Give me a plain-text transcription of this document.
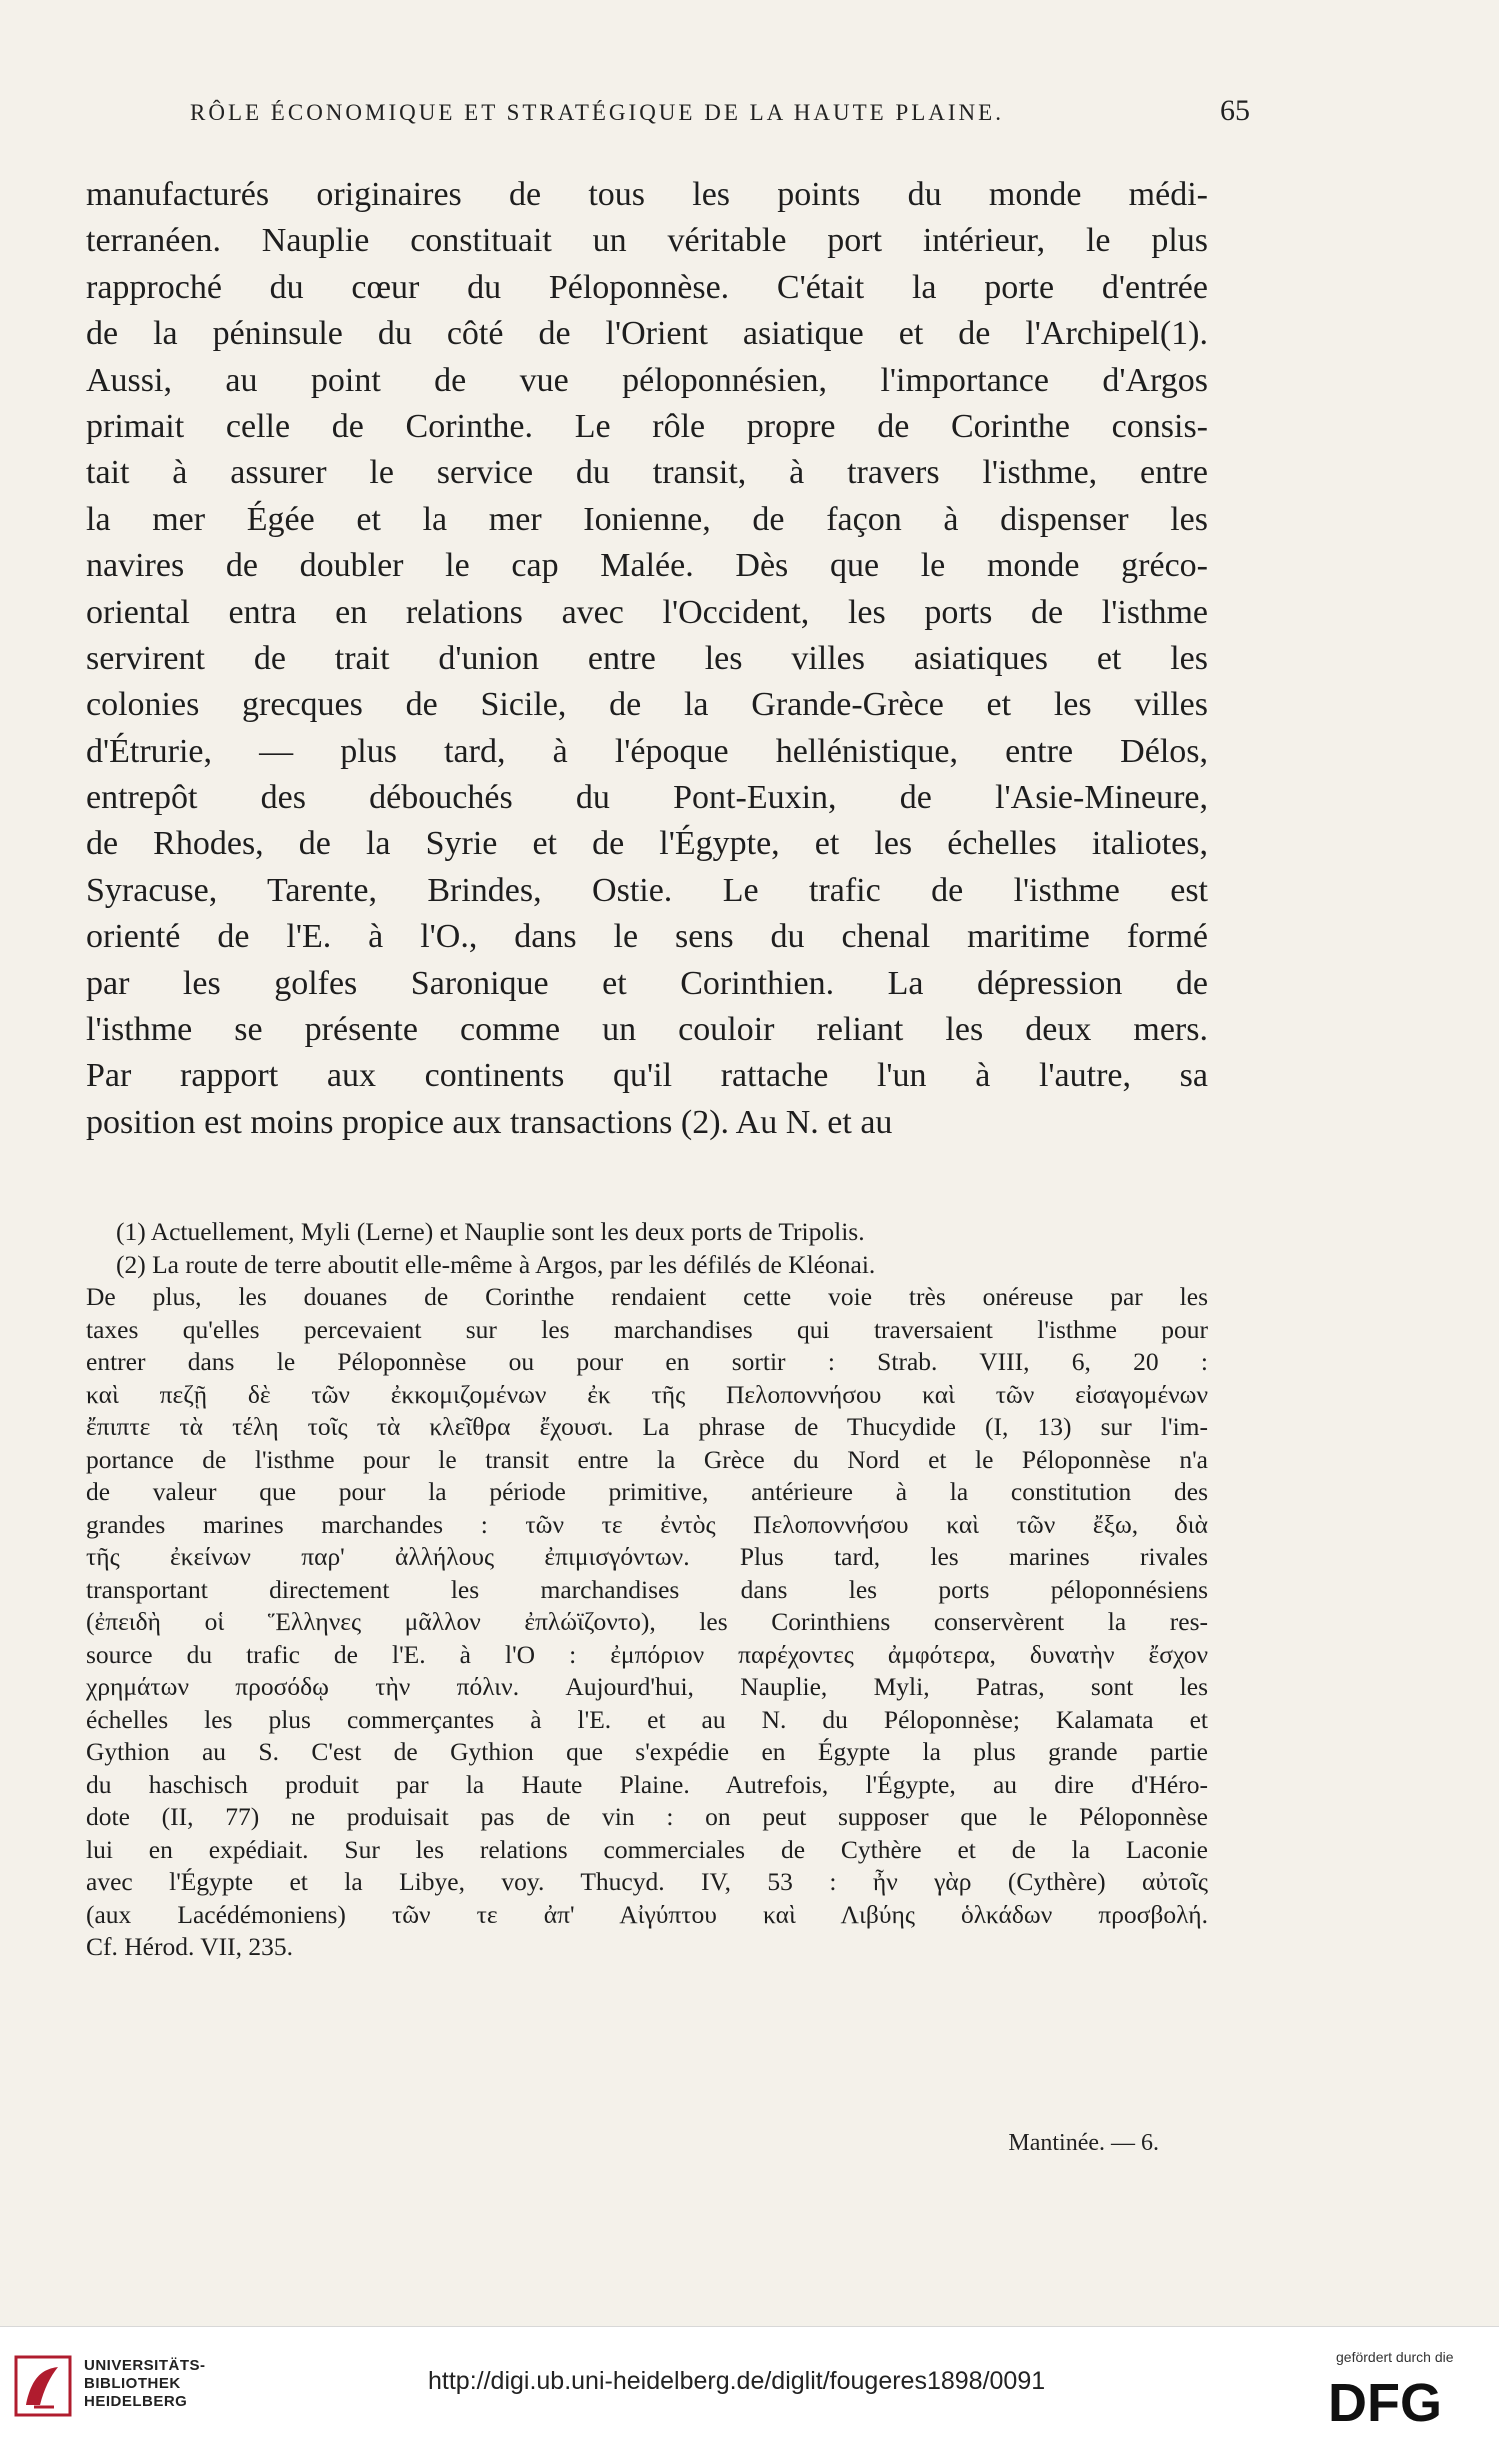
RÔLE ÉCONOMIQUE ET STRATÉGIQUE DE LA HAUTE PLAINE.	65
manufacturés originaires de tous les points du monde médi-
terranéen. Nauplie constituait un véritable port intérieur, le plus
rapproché du cœur du Péloponnèse. C'était la porte d'entrée
de la péninsule du côté de l'Orient asiatique et de l'Archipel(1).
Aussi, au point de vue péloponnésien, l'importance d'Argos
primait celle de Corinthe. Le rôle propre de Corinthe consis-
tait à assurer le service du transit, à travers l'isthme, entre
la mer Égée et la mer Ionienne, de façon à dispenser les
navires de doubler le cap Malée. Dès que le monde gréco-
oriental entra en relations avec l'Occident, les ports de l'isthme
servirent de trait d'union entre les villes asiatiques et les
colonies grecques de Sicile, de la Grande-Grèce et les villes
d'Étrurie, — plus tard, à l'époque hellénistique, entre Délos,
entrepôt des débouchés du Pont-Euxin, de l'Asie-Mineure,
de Rhodes, de la Syrie et de l'Égypte, et les échelles italiotes,
Syracuse, Tarente, Brindes, Ostie. Le trafic de l'isthme est
orienté de l'E. à l'O., dans le sens du chenal maritime formé
par les golfes Saronique et Corinthien. La dépression de
l'isthme se présente comme un couloir reliant les deux mers.
Par rapport aux continents qu'il rattache l'un à l'autre, sa
position est moins propice aux transactions (2). Au N. et au
(1) Actuellement, Myli (Lerne) et Nauplie sont les deux ports de Tripolis.
(2) La route de terre aboutit elle-même à Argos, par les défilés de Kléonai.
De plus, les douanes de Corinthe rendaient cette voie très onéreuse par les
taxes qu'elles percevaient sur les marchandises qui traversaient l'isthme pour
entrer dans le Péloponnèse ou pour en sortir : Strab. VIII, 6, 20 :
καὶ πεζῇ δὲ τῶν ἐκκομιζομένων ἐκ τῆς Πελοποννήσου καὶ τῶν εἰσαγομένων
ἔπιπτε τὰ τέλη τοῖς τὰ κλεῖθρα ἔχουσι. La phrase de Thucydide (I, 13) sur l'im-
portance de l'isthme pour le transit entre la Grèce du Nord et le Péloponnèse n'a
de valeur que pour la période primitive, antérieure à la constitution des
grandes marines marchandes : τῶν τε ἐντὸς Πελοποννήσου καὶ τῶν ἔξω, διὰ
τῆς ἐκείνων παρ' ἀλλήλους ἐπιμισγόντων. Plus tard, les marines rivales
transportant directement les marchandises dans les ports péloponnésiens
(ἐπειδὴ οἱ Ἕλληνες μᾶλλον ἐπλώϊζοντο), les Corinthiens conservèrent la res-
source du trafic de l'E. à l'O : ἐμπόριον παρέχοντες ἀμφότερα, δυνατὴν ἔσχον
χρημάτων προσόδῳ τὴν πόλιν. Aujourd'hui, Nauplie, Myli, Patras, sont les
échelles les plus commerçantes à l'E. et au N. du Péloponnèse; Kalamata et
Gythion au S. C'est de Gythion que s'expédie en Égypte la plus grande partie
du haschisch produit par la Haute Plaine. Autrefois, l'Égypte, au dire d'Héro-
dote (II, 77) ne produisait pas de vin : on peut supposer que le Péloponnèse
lui en expédiait. Sur les relations commerciales de Cythère et de la Laconie
avec l'Égypte et la Libye, voy. Thucyd. IV, 53 : ἦν γὰρ (Cythère) αὐτοῖς
(aux Lacédémoniens) τῶν τε ἀπ' Αἰγύπτου καὶ Λιβύης ὁλκάδων προσβολή.
Cf. Hérod. VII, 235.
Mantinée. — 6.
UNIVERSITÄTS-
BIBLIOTHEK
HEIDELBERG
http://digi.ub.uni-heidelberg.de/diglit/fougeres1898/0091
gefördert durch die
DFG
